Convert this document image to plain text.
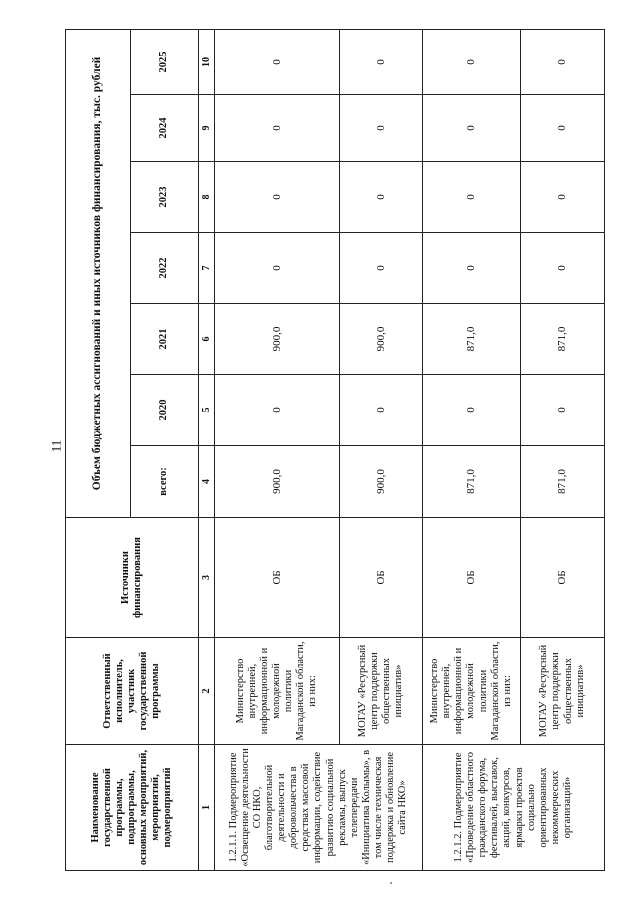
11
Наименование государственной программы, подпрограммы, основных мероприятий, мероприятий, подмероприятий	Ответственный исполнитель, участник государственной программы	Источники финансирования	Объем бюджетных ассигнований и иных источников финансирования, тыс. рублей						
			всего:	2020	2021	2022	2023	2024	2025
1	2	3	4	5	6	7	8	9	10
1.2.1.1. Подмероприятие «Освещение деятельности СО НКО, благотворительной деятельности и добровольчества в средствах массовой информации, содействие развитию социальной рекламы, выпуск телепередачи «Инициатива Колымы», в том числе техническая поддержка и обновление сайта НКО»	Министерство внутренней, информационной и молодежной политики Магаданской области, из них:	ОБ	900,0	0	900,0	0	0	0	0
	МОГАУ «Ресурсный центр поддержки общественных инициатив»	ОБ	900,0	0	900,0	0	0	0	0
1.2.1.2. Подмероприятие «Проведение областного гражданского форума, фестивалей, выставок, акций, конкурсов, ярмарки проектов социально ориентированных некоммерческих организаций»	Министерство внутренней, информационной и молодежной политики Магаданской области, из них:	ОБ	871,0	0	871,0	0	0	0	0
	МОГАУ «Ресурсный центр поддержки общественных инициатив»	ОБ	871,0	0	871,0	0	0	0	0
